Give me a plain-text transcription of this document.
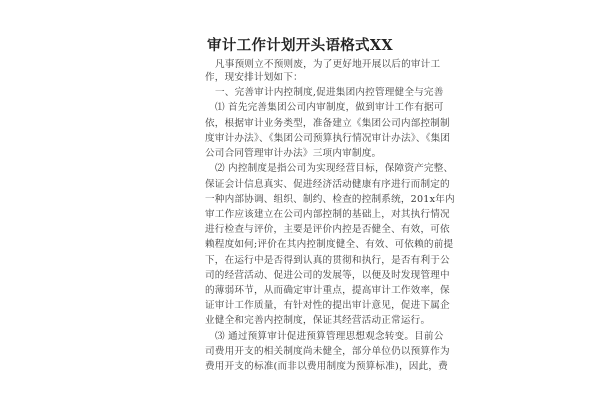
审计工作计划开头语格式XX
凡事预则立不预则废，为了更好地开展以后的审计工
作，现安排计划如下：
一、完善审计内控制度,促进集团内控管理健全与完善
⑴ 首先完善集团公司内审制度，做到审计工作有据可
依，根据审计业务类型，准备建立《集团公司内部控制制
度审计办法》、《集团公司预算执行情况审计办法》、《集团
公司合同管理审计办法》三项内审制度。
⑵ 内控制度是指公司为实现经营目标，保障资产完整、
保证会计信息真实、促进经济活动健康有序进行而制定的
一种内部协调、组织、制约、检查的控制系统，201x年内
审工作应该建立在公司内部控制的基础上，对其执行情况
进行检查与评价，主要是评价内控是否健全、有效，可依
赖程度如何;评价在其内控制度健全、有效、可依赖的前提
下，在运行中是否得到认真的贯彻和执行，是否有利于公
司的经营活动、促进公司的发展等，以便及时发现管理中
的薄弱环节，从而确定审计重点，提高审计工作效率，保
证审计工作质量，有针对性的提出审计意见，促进下属企
业健全和完善内控制度，保证其经营活动正常运行。
⑶ 通过预算审计促进预算管理思想观念转变。目前公
司费用开支的相关制度尚未健全，部分单位仍以预算作为
费用开支的标准(而非以费用制度为预算标准)，因此，费
